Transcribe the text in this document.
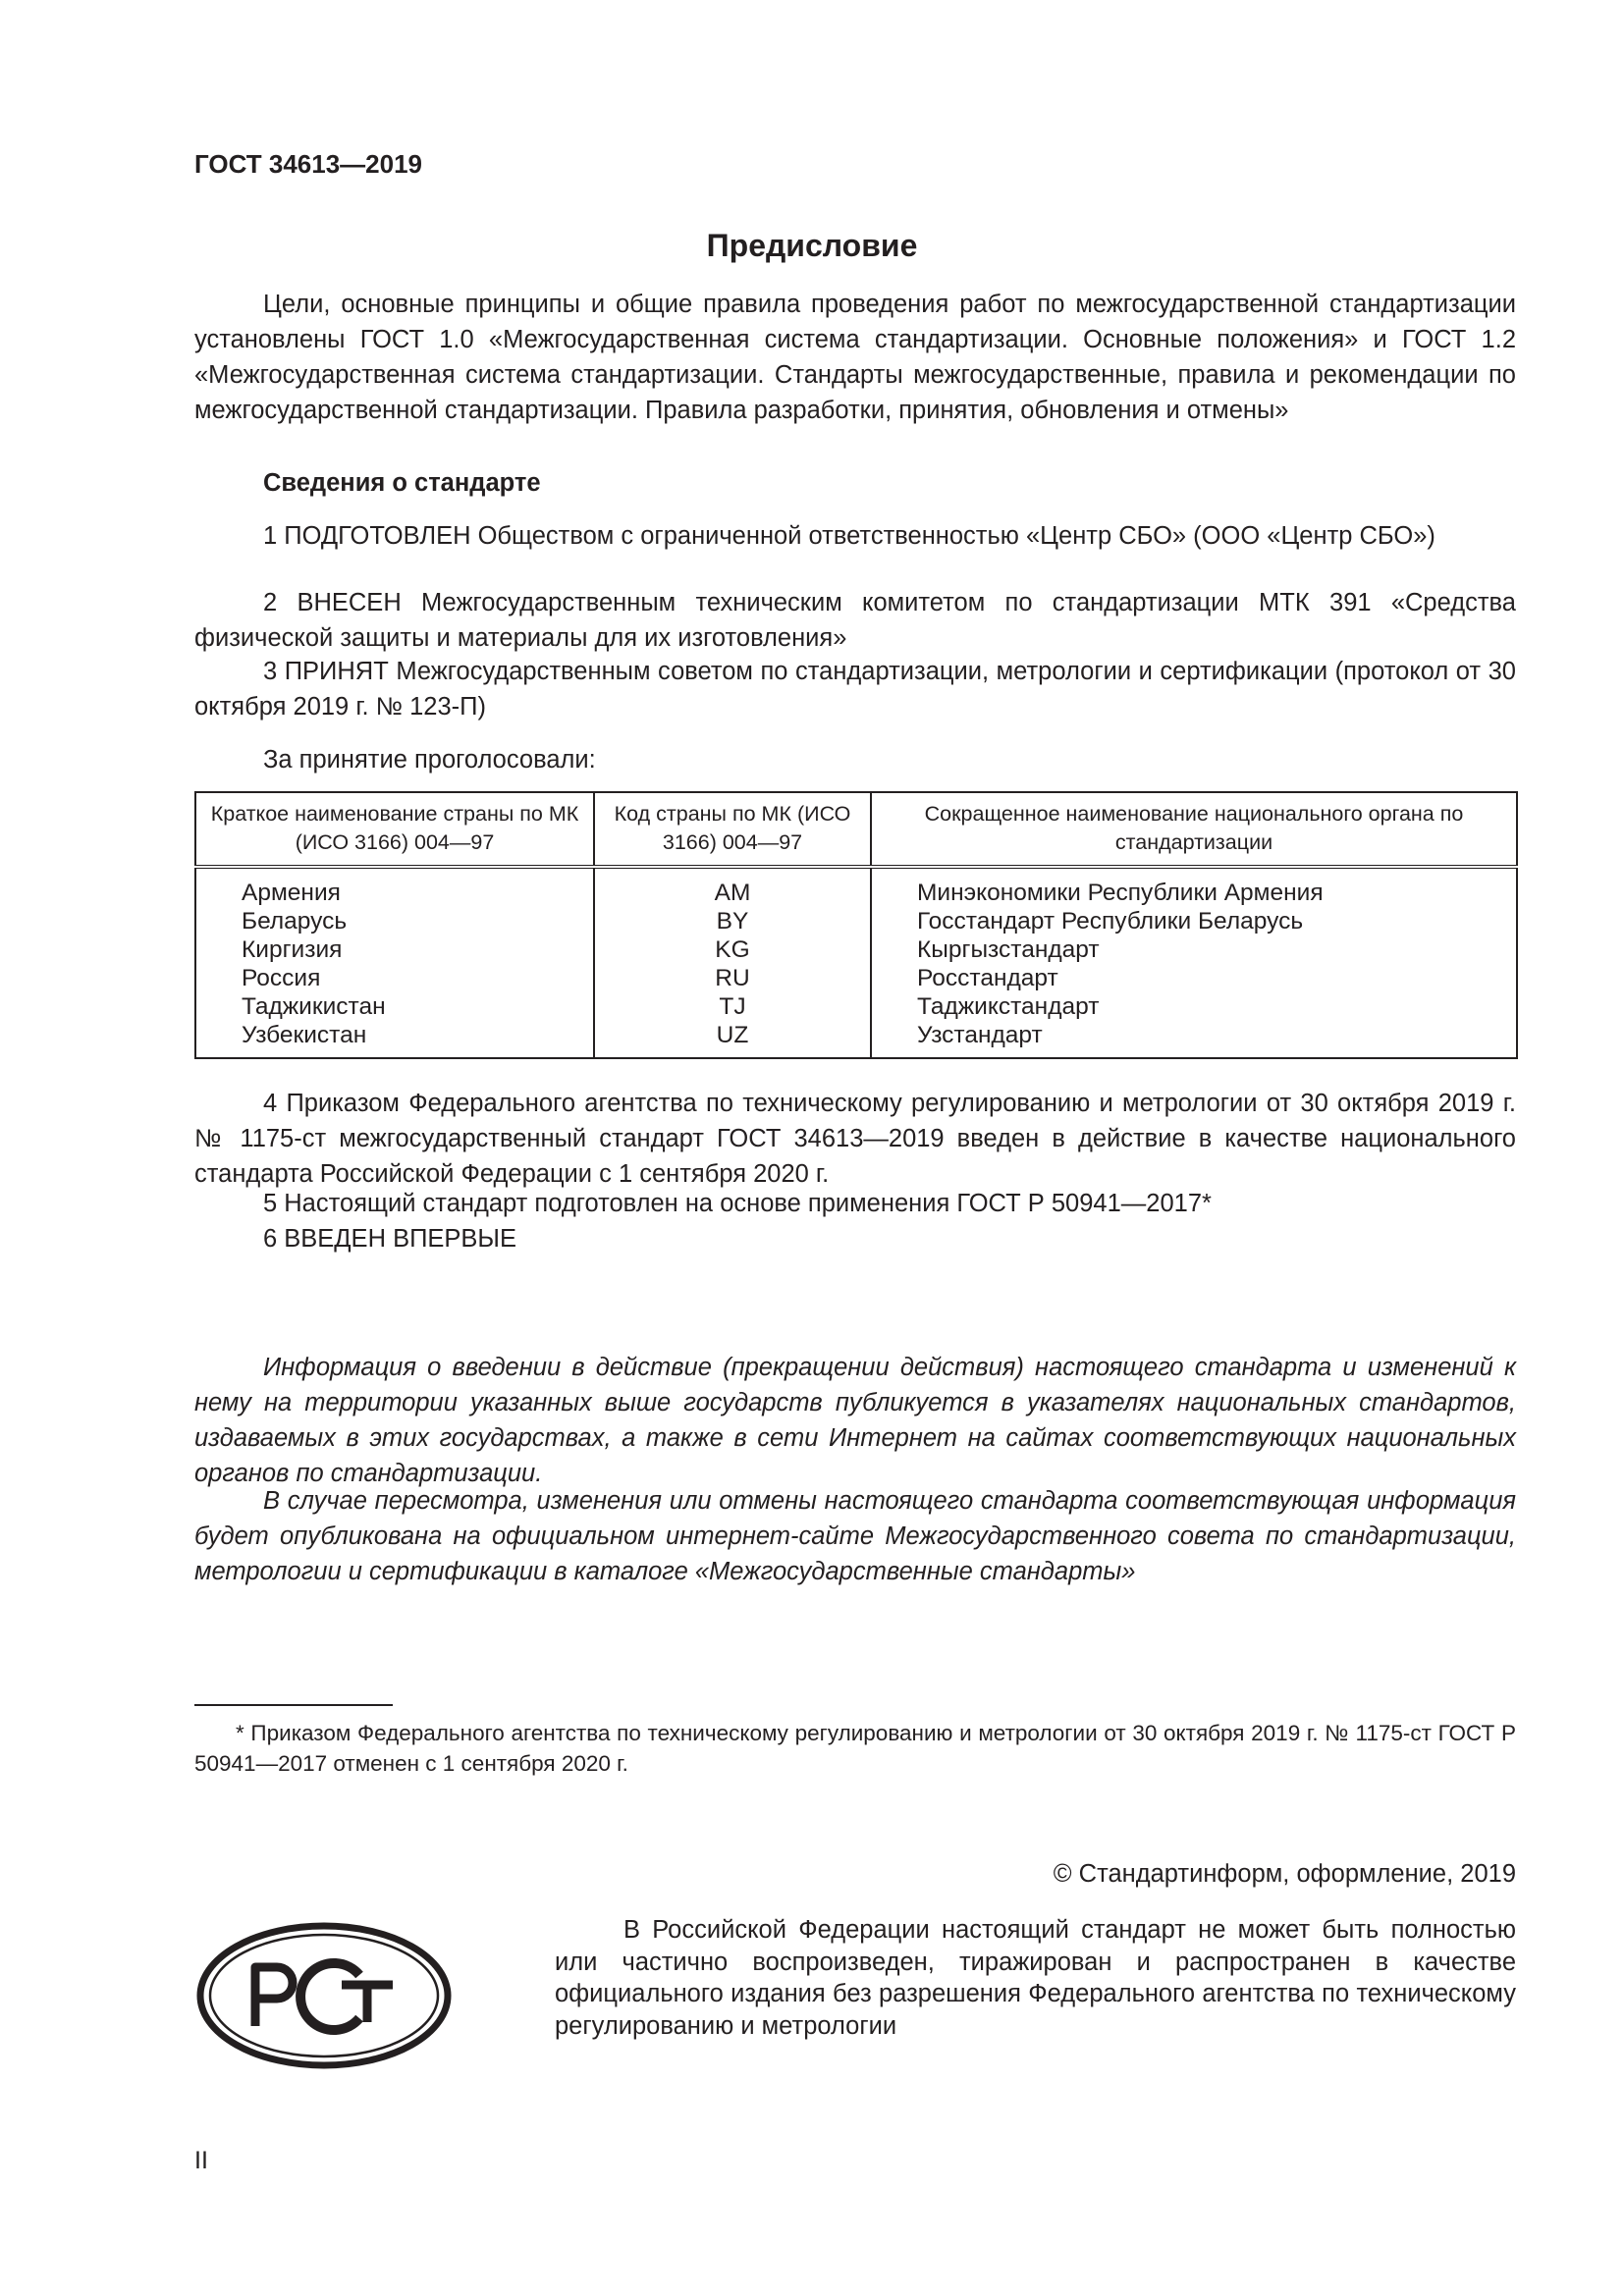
ГОСТ 34613—2019
Предисловие
Цели, основные принципы и общие правила проведения работ по межгосударственной стандартизации установлены ГОСТ 1.0 «Межгосударственная система стандартизации. Основные положения» и ГОСТ 1.2 «Межгосударственная система стандартизации. Стандарты межгосударственные, правила и рекомендации по межгосударственной стандартизации. Правила разработки, принятия, обновления и отмены»
Сведения о стандарте
1 ПОДГОТОВЛЕН Обществом с ограниченной ответственностью «Центр СБО» (ООО «Центр СБО»)
2 ВНЕСЕН Межгосударственным техническим комитетом по стандартизации МТК 391 «Средства физической защиты и материалы для их изготовления»
3 ПРИНЯТ Межгосударственным советом по стандартизации, метрологии и сертификации (протокол от 30 октября 2019 г. № 123-П)
За принятие проголосовали:
Краткое наименование страны по МК (ИСО 3166) 004—97	Код страны по МК (ИСО 3166) 004—97	Сокращенное наименование национального органа по стандартизации
Армения	AM	Минэкономики Республики Армения
Беларусь	BY	Госстандарт Республики Беларусь
Киргизия	KG	Кыргызстандарт
Россия	RU	Росстандарт
Таджикистан	TJ	Таджикстандарт
Узбекистан	UZ	Узстандарт
4 Приказом Федерального агентства по техническому регулированию и метрологии от 30 октября 2019 г. № 1175-ст межгосударственный стандарт ГОСТ 34613—2019 введен в действие в качестве национального стандарта Российской Федерации с 1 сентября 2020 г.
5 Настоящий стандарт подготовлен на основе применения ГОСТ Р 50941—2017*
6 ВВЕДЕН ВПЕРВЫЕ
Информация о введении в действие (прекращении действия) настоящего стандарта и изменений к нему на территории указанных выше государств публикуется в указателях национальных стандартов, издаваемых в этих государствах, а также в сети Интернет на сайтах соответствующих национальных органов по стандартизации.
В случае пересмотра, изменения или отмены настоящего стандарта соответствующая информация будет опубликована на официальном интернет-сайте Межгосударственного совета по стандартизации, метрологии и сертификации в каталоге «Межгосударственные стандарты»
* Приказом Федерального агентства по техническому регулированию и метрологии от 30 октября 2019 г. № 1175-ст ГОСТ Р 50941—2017 отменен с 1 сентября 2020 г.
© Стандартинформ, оформление, 2019
В Российской Федерации настоящий стандарт не может быть полностью или частично воспроизведен, тиражирован и распространен в качестве официального издания без разрешения Федерального агентства по техническому регулированию и метрологии
II
